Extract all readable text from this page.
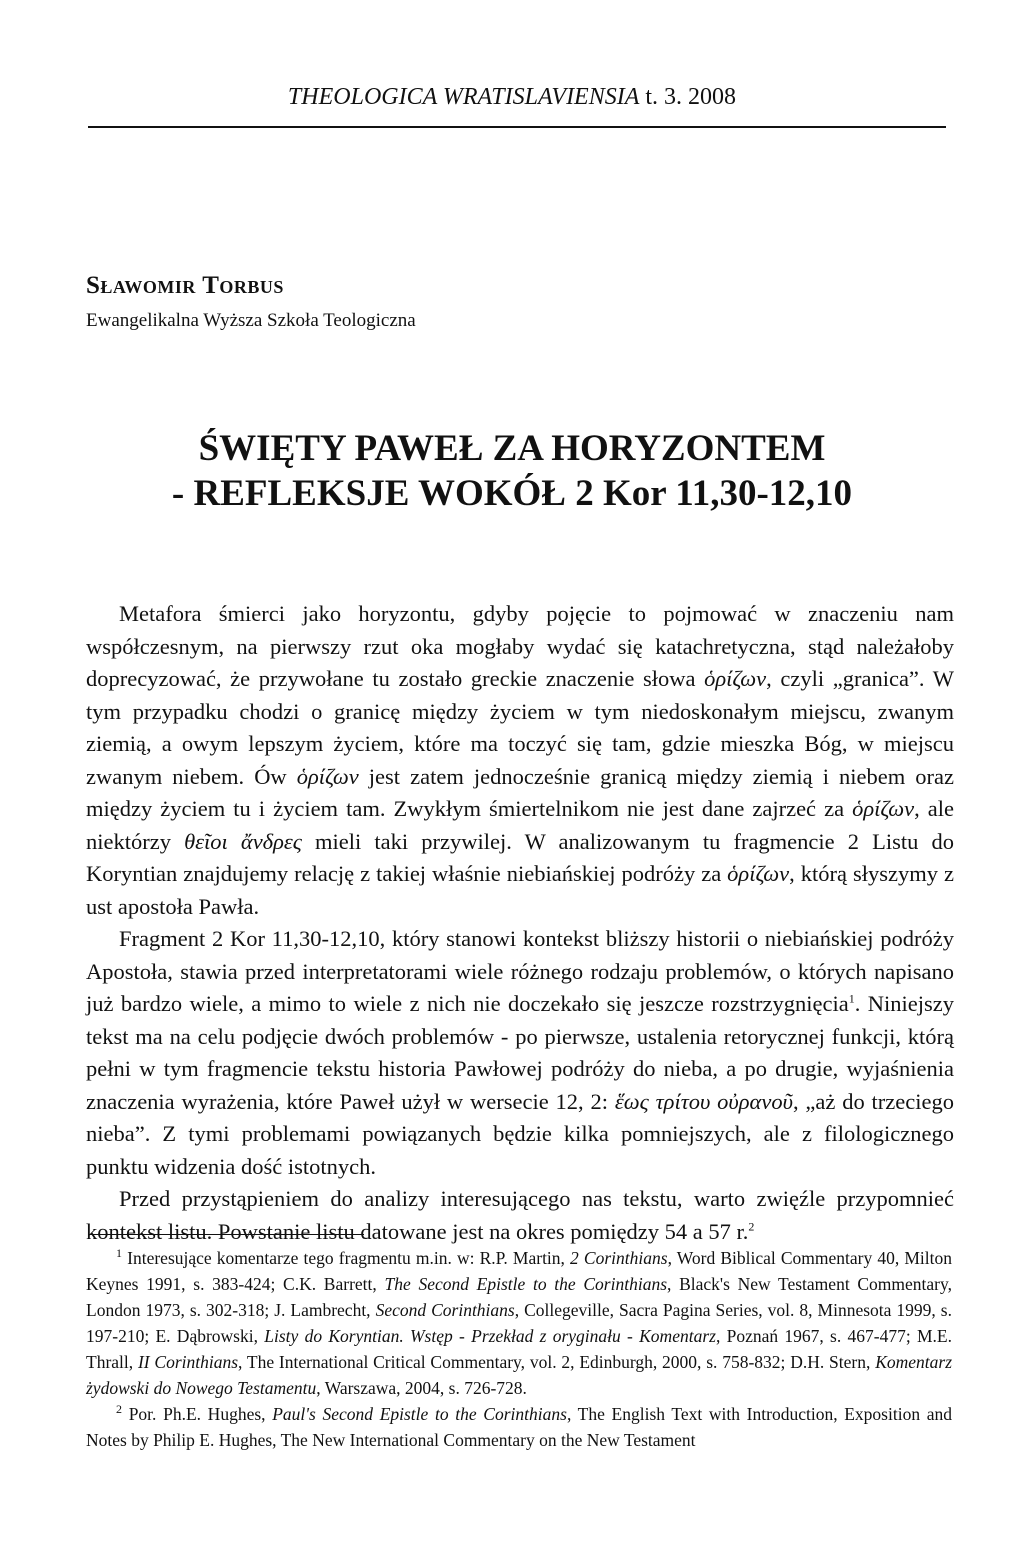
THEOLOGICA WRATISLAVIENSIA t. 3. 2008
Sławomir Torbus
Ewangelikalna Wyższa Szkoła Teologiczna
ŚWIĘTY PAWEŁ ZA HORYZONTEM
- REFLEKSJE WOKÓŁ 2 Kor 11,30-12,10

Metafora śmierci jako horyzontu, gdyby pojęcie to pojmować w znaczeniu nam współczesnym, na pierwszy rzut oka mogłaby wydać się katachretyczna, stąd należałoby doprecyzować, że przywołane tu zostało greckie znaczenie słowa ὁρίζων, czyli „granica”. W tym przypadku chodzi o granicę między życiem w tym niedoskonałym miejscu, zwanym ziemią, a owym lepszym życiem, które ma toczyć się tam, gdzie mieszka Bóg, w miejscu zwanym niebem. Ów ὁρίζων jest zatem jednocześnie granicą między ziemią i niebem oraz między życiem tu i życiem tam. Zwykłym śmiertelnikom nie jest dane zajrzeć za ὁρίζων, ale niektórzy θεῖοι ἄνδρες mieli taki przywilej. W analizowanym tu fragmencie 2 Listu do Koryntian znajdujemy relację z takiej właśnie niebiańskiej podróży za ὁρίζων, którą słyszymy z ust apostoła Pawła.

Fragment 2 Kor 11,30-12,10, który stanowi kontekst bliższy historii o niebiańskiej podróży Apostoła, stawia przed interpretatorami wiele różnego rodzaju problemów, o których napisano już bardzo wiele, a mimo to wiele z nich nie doczekało się jeszcze rozstrzygnięcia$^1$. Niniejszy tekst ma na celu podjęcie dwóch problemów - po pierwsze, ustalenia retorycznej funkcji, którą pełni w tym fragmencie tekstu historia Pawłowej podróży do nieba, a po drugie, wyjaśnienia znaczenia wyrażenia, które Paweł użył w wersecie 12, 2: ἕως τρίτου οὐρανοῦ, „aż do trzeciego nieba”. Z tymi problemami powiązanych będzie kilka pomniejszych, ale z filologicznego punktu widzenia dość istotnych.

Przed przystąpieniem do analizy interesującego nas tekstu, warto zwięźle przypomnieć kontekst listu. Powstanie listu datowane jest na okres pomiędzy 54 a 57 r.$^2$

$^1$ Interesujące komentarze tego fragmentu m.in. w: R.P. Martin, 2 Corinthians, Word Biblical Commentary 40, Milton Keynes 1991, s. 383-424; C.K. Barrett, The Second Epistle to the Corinthians, Black's New Testament Commentary, London 1973, s. 302-318; J. Lambrecht, Second Corinthians, Collegeville, Sacra Pagina Series, vol. 8, Minnesota 1999, s. 197-210; E. Dąbrowski, Listy do Koryntian. Wstęp - Przekład z oryginału - Komentarz, Poznań 1967, s. 467-477; M.E. Thrall, II Corinthians, The International Critical Commentary, vol. 2, Edinburgh, 2000, s. 758-832; D.H. Stern, Komentarz żydowski do Nowego Testamentu, Warszawa, 2004, s. 726-728.

$^2$ Por. Ph.E. Hughes, Paul's Second Epistle to the Corinthians, The English Text with Introduction, Exposition and Notes by Philip E. Hughes, The New International Commentary on the New Testament
